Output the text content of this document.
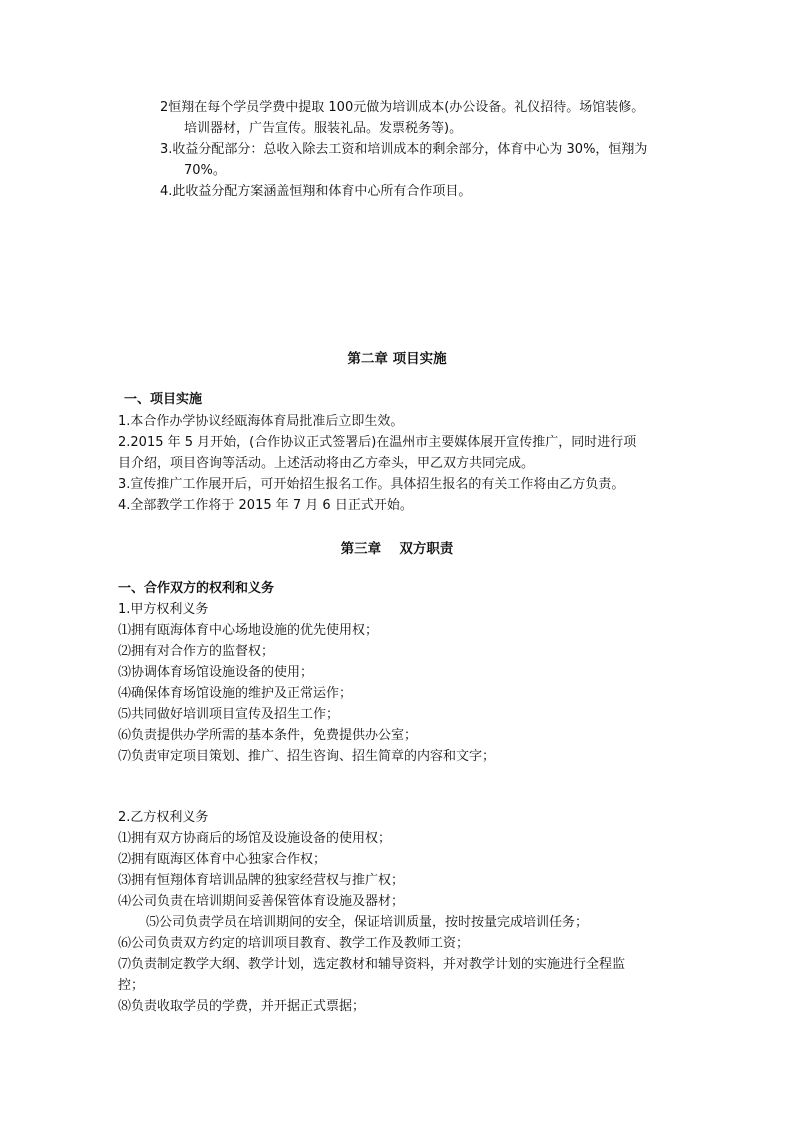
2恒翔在每个学员学费中提取 100元做为培训成本(办公设备。礼仪招待。场馆装修。
培训器材，广告宣传。服装礼品。发票税务等)。
3.收益分配部分：总收入除去工资和培训成本的剩余部分，体育中心为 30%，恒翔为
70%。
4.此收益分配方案涵盖恒翔和体育中心所有合作项目。
第二章 项目实施
一、项目实施
1.本合作办学协议经瓯海体育局批准后立即生效。
2.2015 年 5 月开始，(合作协议正式签署后)在温州市主要媒体展开宣传推广，同时进行项
目介绍，项目咨询等活动。上述活动将由乙方牵头，甲乙双方共同完成。
3.宣传推广工作展开后，可开始招生报名工作。具体招生报名的有关工作将由乙方负责。
4.全部教学工作将于 2015 年 7 月 6 日正式开始。
第三章　 双方职责
一、合作双方的权利和义务
1.甲方权利义务
⑴拥有瓯海体育中心场地设施的优先使用权；
⑵拥有对合作方的监督权；
⑶协调体育场馆设施设备的使用；
⑷确保体育场馆设施的维护及正常运作；
⑸共同做好培训项目宣传及招生工作；
⑹负责提供办学所需的基本条件，免费提供办公室；
⑺负责审定项目策划、推广、招生咨询、招生简章的内容和文字；
2.乙方权利义务
⑴拥有双方协商后的场馆及设施设备的使用权；
⑵拥有瓯海区体育中心独家合作权；
⑶拥有恒翔体育培训品牌的独家经营权与推广权；
⑷公司负责在培训期间妥善保管体育设施及器材；
⑸公司负责学员在培训期间的安全，保证培训质量，按时按量完成培训任务；
⑹公司负责双方约定的培训项目教育、教学工作及教师工资；
⑺负责制定教学大纲、教学计划，选定教材和辅导资料，并对教学计划的实施进行全程监
控；
⑻负责收取学员的学费，并开据正式票据；
